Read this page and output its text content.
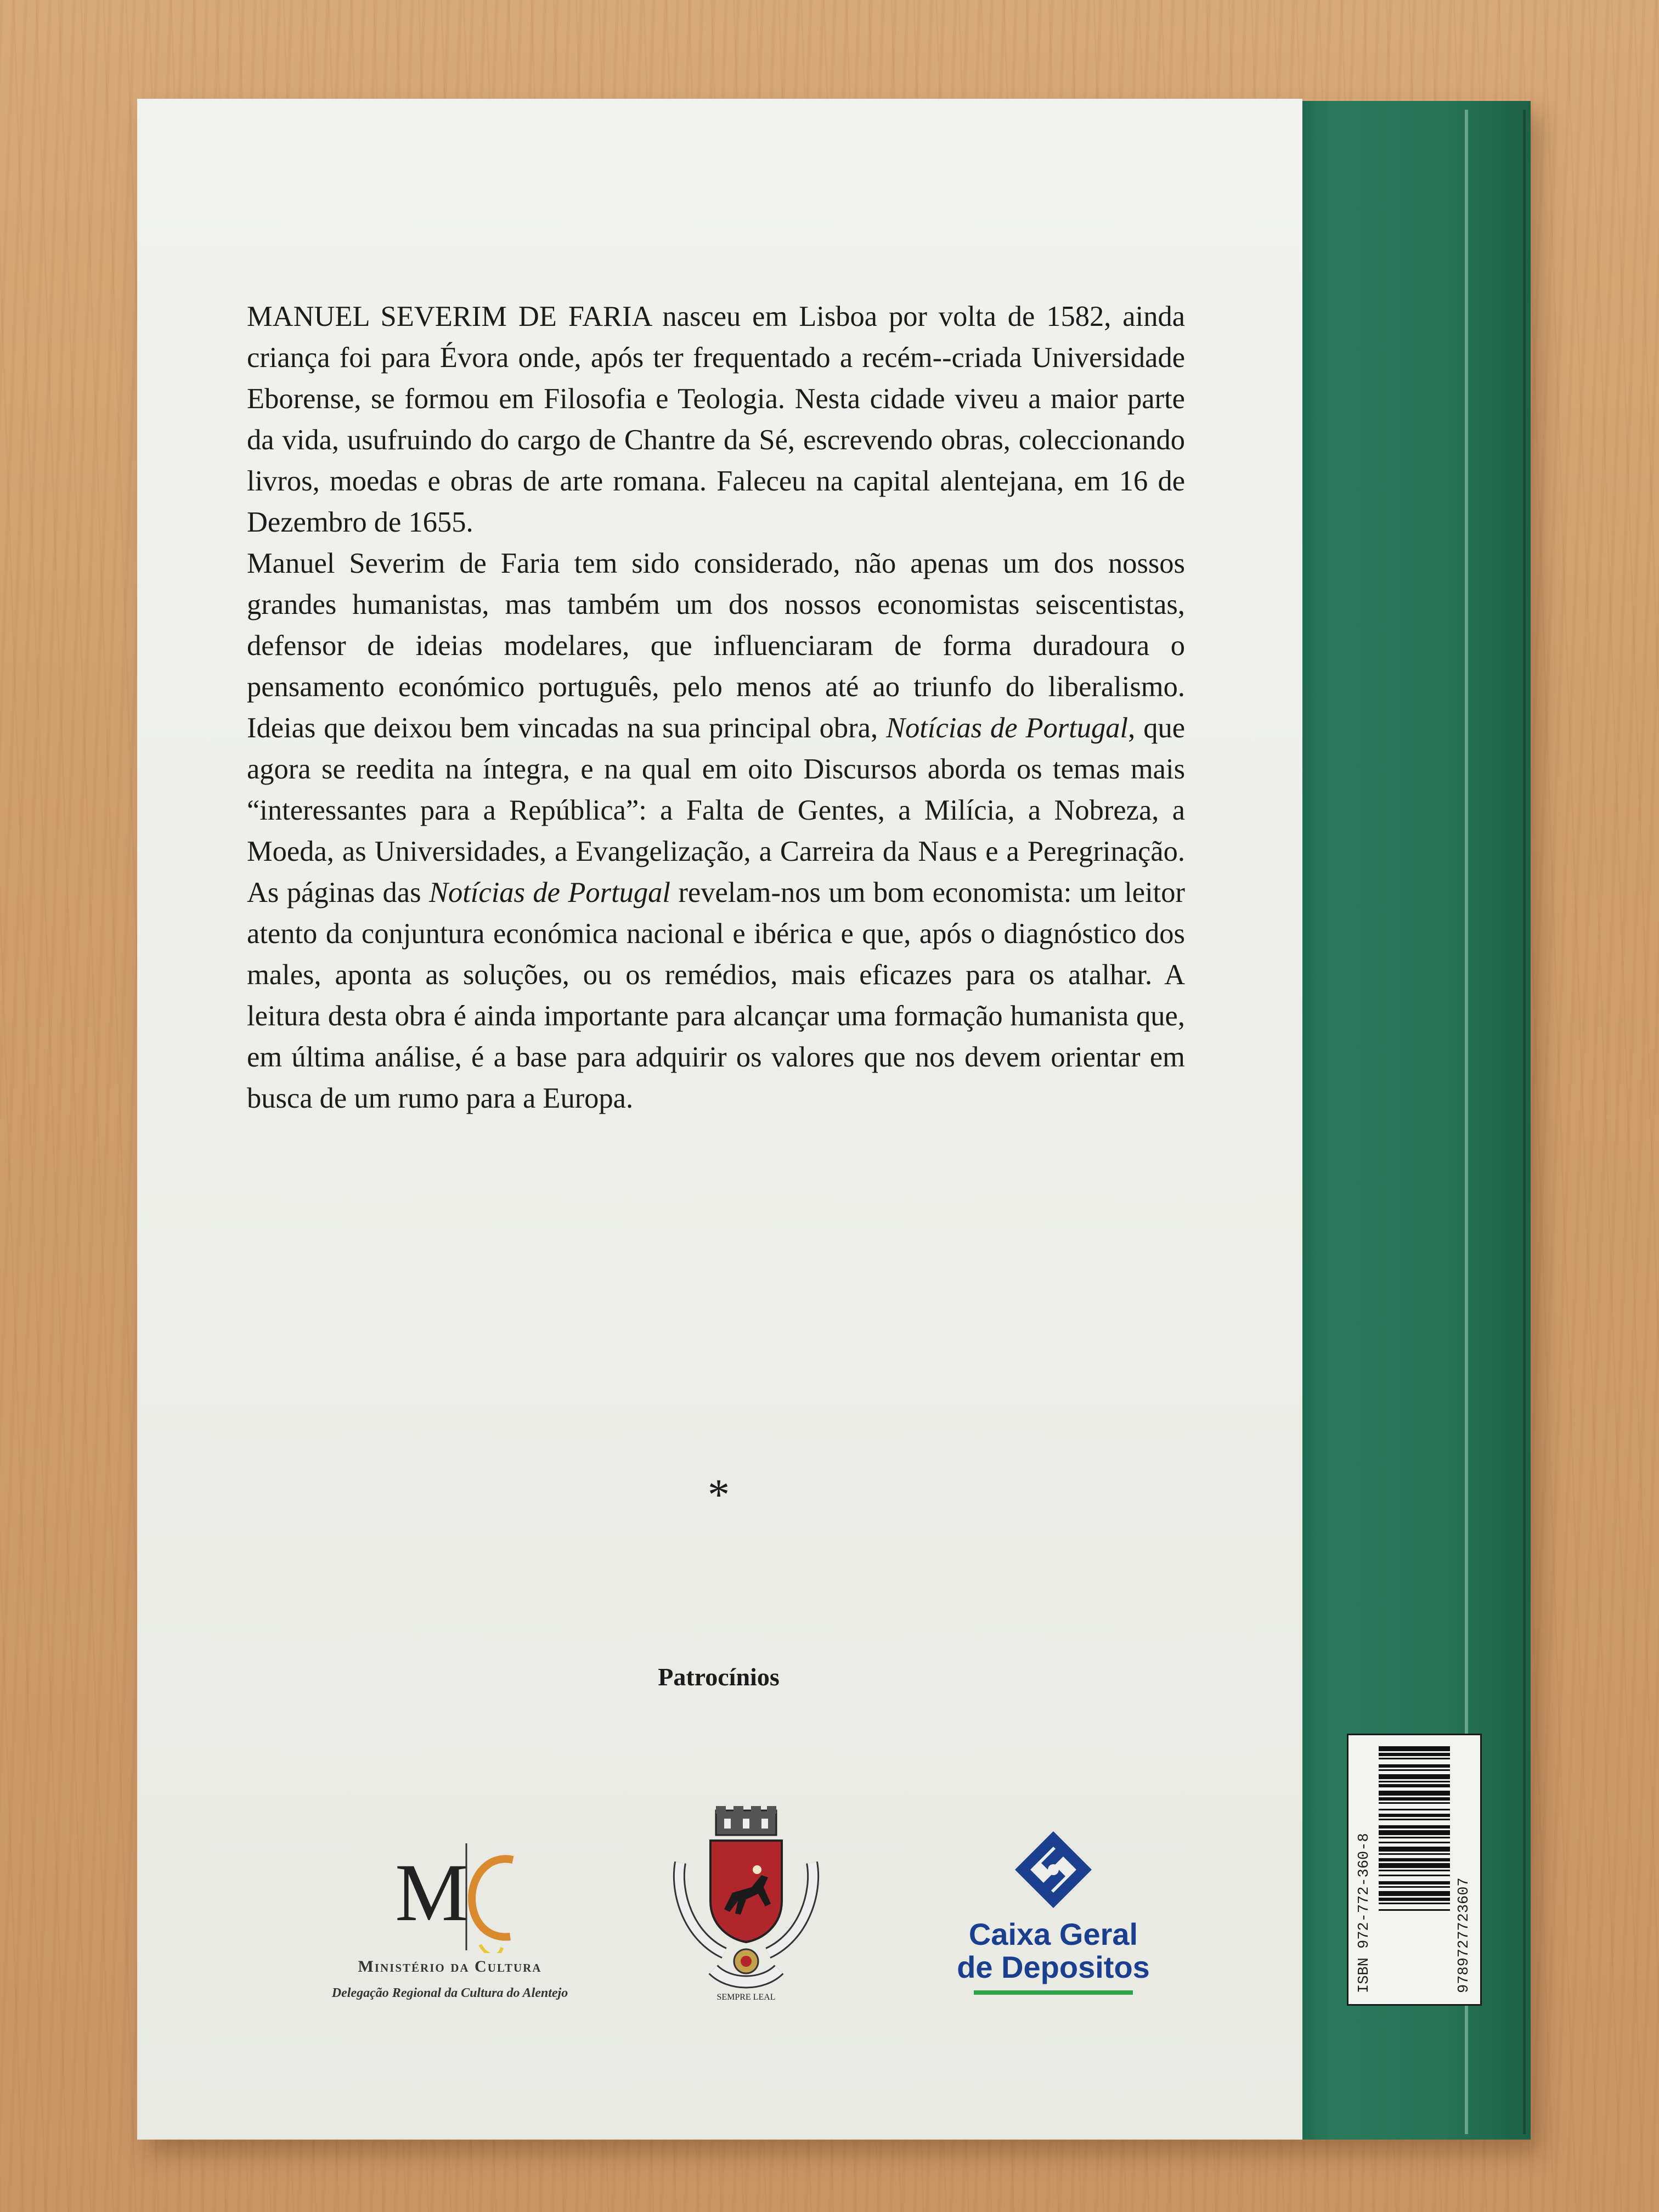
MANUEL SEVERIM DE FARIA nasceu em Lisboa por volta de 1582, ainda criança foi para Évora onde, após ter frequentado a recém--criada Universidade Eborense, se formou em Filosofia e Teologia. Nesta cidade viveu a maior parte da vida, usufruindo do cargo de Chantre da Sé, escrevendo obras, coleccionando livros, moedas e obras de arte romana. Faleceu na capital alentejana, em 16 de Dezembro de 1655.

Manuel Severim de Faria tem sido considerado, não apenas um dos nossos grandes humanistas, mas também um dos nossos economistas seiscentistas, defensor de ideias modelares, que influenciaram de forma duradoura o pensamento económico português, pelo menos até ao triunfo do liberalismo. Ideias que deixou bem vincadas na sua principal obra, Notícias de Portugal, que agora se reedita na íntegra, e na qual em oito Discursos aborda os temas mais “interessantes para a República”: a Falta de Gentes, a Milícia, a Nobreza, a Moeda, as Universidades, a Evangelização, a Carreira da Naus e a Peregrinação. As páginas das Notícias de Portugal revelam-nos um bom economista: um leitor atento da conjuntura económica nacional e ibérica e que, após o diagnóstico dos males, aponta as soluções, ou os remédios, mais eficazes para os atalhar. A leitura desta obra é ainda importante para alcançar uma formação humanista que, em última análise, é a base para adquirir os valores que nos devem orientar em busca de um rumo para a Europa.

*
Patrocínios
M
Ministério da Cultura
Delegação Regional da Cultura do Alentejo	SEMPRE LEAL
Caixa Geral
de Depositos	ISBN 972-772-360-8	9789727723607
